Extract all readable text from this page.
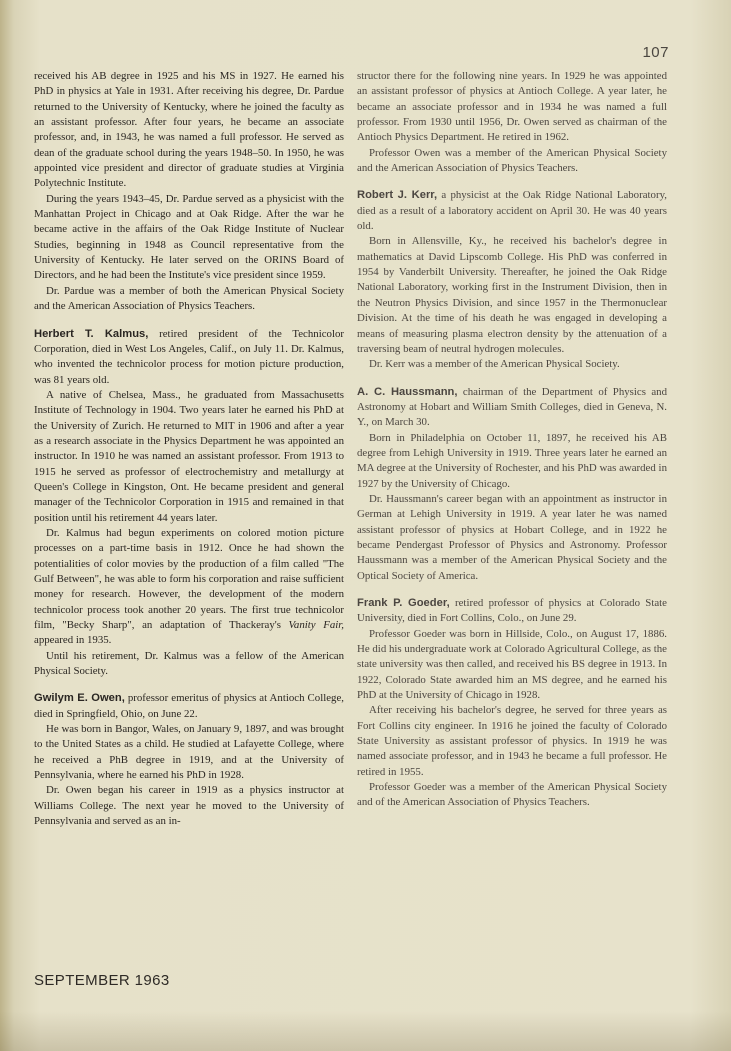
107

received his AB degree in 1925 and his MS in 1927. He earned his PhD in physics at Yale in 1931. After receiving his degree, Dr. Pardue returned to the University of Kentucky, where he joined the faculty as an assistant professor. After four years, he became an associate professor, and, in 1943, he was named a full professor. He served as dean of the graduate school during the years 1948–50. In 1950, he was appointed vice president and director of graduate studies at Virginia Polytechnic Institute.

During the years 1943–45, Dr. Pardue served as a physicist with the Manhattan Project in Chicago and at Oak Ridge. After the war he became active in the affairs of the Oak Ridge Institute of Nuclear Studies, beginning in 1948 as Council representative from the University of Kentucky. He later served on the ORINS Board of Directors, and he had been the Institute's vice president since 1959.

Dr. Pardue was a member of both the American Physical Society and the American Association of Physics Teachers.

Herbert T. Kalmus, retired president of the Technicolor Corporation, died in West Los Angeles, Calif., on July 11. Dr. Kalmus, who invented the technicolor process for motion picture production, was 81 years old.

A native of Chelsea, Mass., he graduated from Massachusetts Institute of Technology in 1904. Two years later he earned his PhD at the University of Zurich. He returned to MIT in 1906 and after a year as a research associate in the Physics Department he was appointed an instructor. In 1910 he was named an assistant professor. From 1913 to 1915 he served as professor of electrochemistry and metallurgy at Queen's College in Kingston, Ont. He became president and general manager of the Technicolor Corporation in 1915 and remained in that position until his retirement 44 years later.

Dr. Kalmus had begun experiments on colored motion picture processes on a part-time basis in 1912. Once he had shown the potentialities of color movies by the production of a film called "The Gulf Between", he was able to form his corporation and raise sufficient money for research. However, the development of the modern technicolor process took another 20 years. The first true technicolor film, "Becky Sharp", an adaptation of Thackeray's Vanity Fair, appeared in 1935.

Until his retirement, Dr. Kalmus was a fellow of the American Physical Society.

Gwilym E. Owen, professor emeritus of physics at Antioch College, died in Springfield, Ohio, on June 22.

He was born in Bangor, Wales, on January 9, 1897, and was brought to the United States as a child. He studied at Lafayette College, where he received a PhB degree in 1919, and at the University of Pennsylvania, where he earned his PhD in 1928.

Dr. Owen began his career in 1919 as a physics instructor at Williams College. The next year he moved to the University of Pennsylvania and served as an in-

structor there for the following nine years. In 1929 he was appointed an assistant professor of physics at Antioch College. A year later, he became an associate professor and in 1934 he was named a full professor. From 1930 until 1956, Dr. Owen served as chairman of the Antioch Physics Department. He retired in 1962.

Professor Owen was a member of the American Physical Society and the American Association of Physics Teachers.

Robert J. Kerr, a physicist at the Oak Ridge National Laboratory, died as a result of a laboratory accident on April 30. He was 40 years old.

Born in Allensville, Ky., he received his bachelor's degree in mathematics at David Lipscomb College. His PhD was conferred in 1954 by Vanderbilt University. Thereafter, he joined the Oak Ridge National Laboratory, working first in the Instrument Division, then in the Neutron Physics Division, and since 1957 in the Thermonuclear Division. At the time of his death he was engaged in developing a means of measuring plasma electron density by the attenuation of a traversing beam of neutral hydrogen molecules.

Dr. Kerr was a member of the American Physical Society.

A. C. Haussmann, chairman of the Department of Physics and Astronomy at Hobart and William Smith Colleges, died in Geneva, N. Y., on March 30.

Born in Philadelphia on October 11, 1897, he received his AB degree from Lehigh University in 1919. Three years later he earned an MA degree at the University of Rochester, and his PhD was awarded in 1927 by the University of Chicago.

Dr. Haussmann's career began with an appointment as instructor in German at Lehigh University in 1919. A year later he was named assistant professor of physics at Hobart College, and in 1922 he became Pendergast Professor of Physics and Astronomy. Professor Haussmann was a member of the American Physical Society and the Optical Society of America.

Frank P. Goeder, retired professor of physics at Colorado State University, died in Fort Collins, Colo., on June 29.

Professor Goeder was born in Hillside, Colo., on August 17, 1886. He did his undergraduate work at Colorado Agricultural College, as the state university was then called, and received his BS degree in 1913. In 1922, Colorado State awarded him an MS degree, and he earned his PhD at the University of Chicago in 1928.

After receiving his bachelor's degree, he served for three years as Fort Collins city engineer. In 1916 he joined the faculty of Colorado State University as assistant professor of physics. In 1919 he was named associate professor, and in 1943 he became a full professor. He retired in 1955.

Professor Goeder was a member of the American Physical Society and of the American Association of Physics Teachers.

SEPTEMBER 1963
